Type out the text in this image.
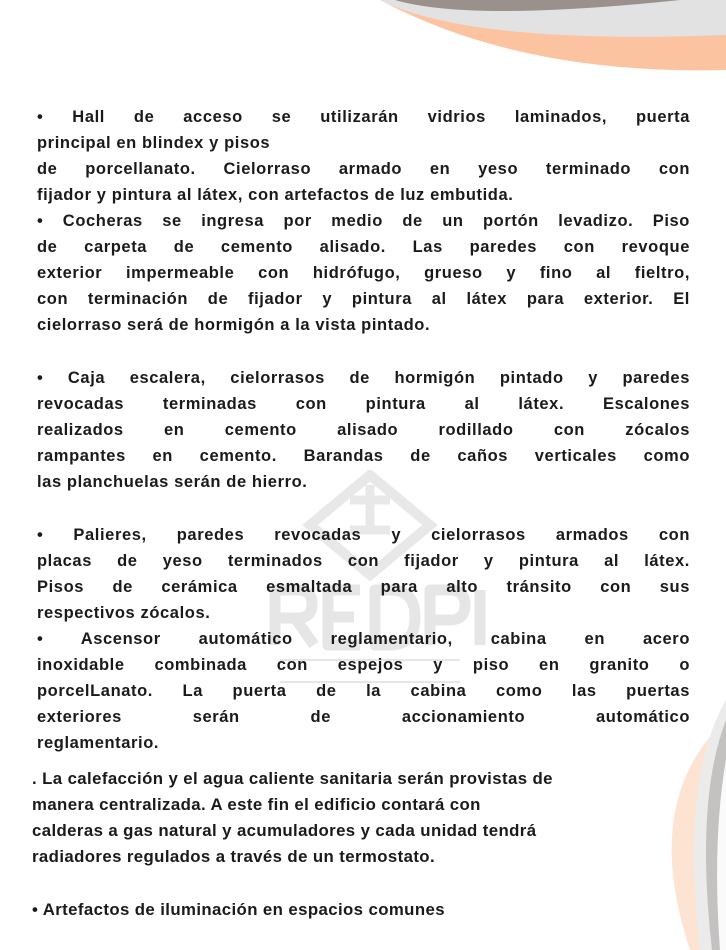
• Hall de acceso se utilizarán vidrios laminados, puerta
principal en blindex y pisos
de porcellanato. Cielorraso armado en yeso terminado con
fijador y pintura al látex, con artefactos de luz embutida.
• Cocheras se ingresa por medio de un portón levadizo. Piso
de carpeta de cemento alisado. Las paredes con revoque
exterior impermeable con hidrófugo, grueso y fino al fieltro,
con terminación de fijador y pintura al látex para exterior. El
cielorraso será de hormigón a la vista pintado.
• Caja escalera, cielorrasos de hormigón pintado y paredes
revocadas terminadas con pintura al látex. Escalones
realizados en cemento alisado rodillado con zócalos
rampantes en cemento. Barandas de caños verticales como
las planchuelas serán de hierro.
• Palieres, paredes revocadas y cielorrasos armados con
placas de yeso terminados con fijador y pintura al látex.
Pisos de cerámica esmaltada para alto tránsito con sus
respectivos zócalos.
• Ascensor automático reglamentario, cabina en acero
inoxidable combinada con espejos y piso en granito o
porcelLanato. La puerta de la cabina como las puertas
exteriores serán de accionamiento automático
reglamentario.
. La calefacción y el agua caliente sanitaria serán provistas de
manera centralizada. A este fin el edificio contará con
calderas a gas natural y acumuladores y cada unidad tendrá
radiadores regulados a través de un termostato.
• Artefactos de iluminación en espacios comunes
